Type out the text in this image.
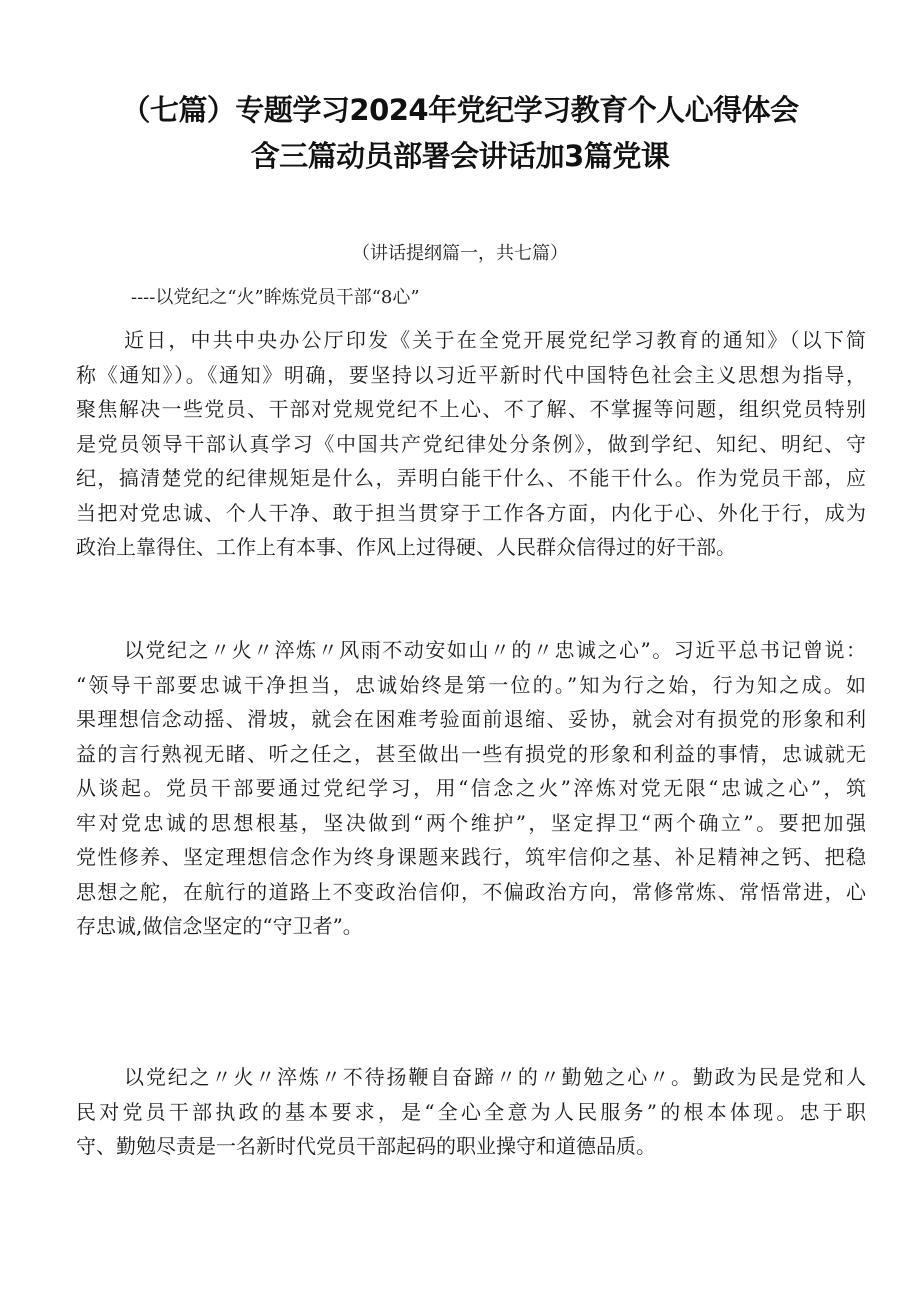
（七篇）专题学习2024年党纪学习教育个人心得体会
含三篇动员部署会讲话加3篇党课
（讲话提纲篇一，共七篇）
----以党纪之“火”眸炼党员干部“8心”
近日，中共中央办公厅印发《关于在全党开展党纪学习教育的通知》（以下简
称《通知》）。《通知》明确，要坚持以习近平新时代中国特色社会主义思想为指导，
聚焦解决一些党员、干部对党规党纪不上心、不了解、不掌握等问题，组织党员特别
是党员领导干部认真学习《中国共产党纪律处分条例》，做到学纪、知纪、明纪、守
纪，搞清楚党的纪律规矩是什么，弄明白能干什么、不能干什么。作为党员干部，应
当把对党忠诚、个人干净、敢于担当贯穿于工作各方面，内化于心、外化于行，成为
政治上靠得住、工作上有本事、作风上过得硬、人民群众信得过的好干部。
以党纪之〃火〃淬炼〃风雨不动安如山〃的〃忠诚之心”。习近平总书记曾说：
“领导干部要忠诚干净担当，忠诚始终是第一位的。”知为行之始，行为知之成。如
果理想信念动摇、滑坡，就会在困难考验面前退缩、妥协，就会对有损党的形象和利
益的言行熟视无睹、听之任之，甚至做出一些有损党的形象和利益的事情，忠诚就无
从谈起。党员干部要通过党纪学习，用“信念之火”淬炼对党无限“忠诚之心”，筑
牢对党忠诚的思想根基，坚决做到“两个维护”，坚定捍卫“两个确立”。要把加强
党性修养、坚定理想信念作为终身课题来践行，筑牢信仰之基、补足精神之钙、把稳
思想之舵，在航行的道路上不变政治信仰，不偏政治方向，常修常炼、常悟常进，心
存忠诚,做信念坚定的“守卫者”。
以党纪之〃火〃淬炼〃不待扬鞭自奋蹄〃的〃勤勉之心〃。勤政为民是党和人
民对党员干部执政的基本要求，是“全心全意为人民服务”的根本体现。忠于职
守、勤勉尽责是一名新时代党员干部起码的职业操守和道德品质。
